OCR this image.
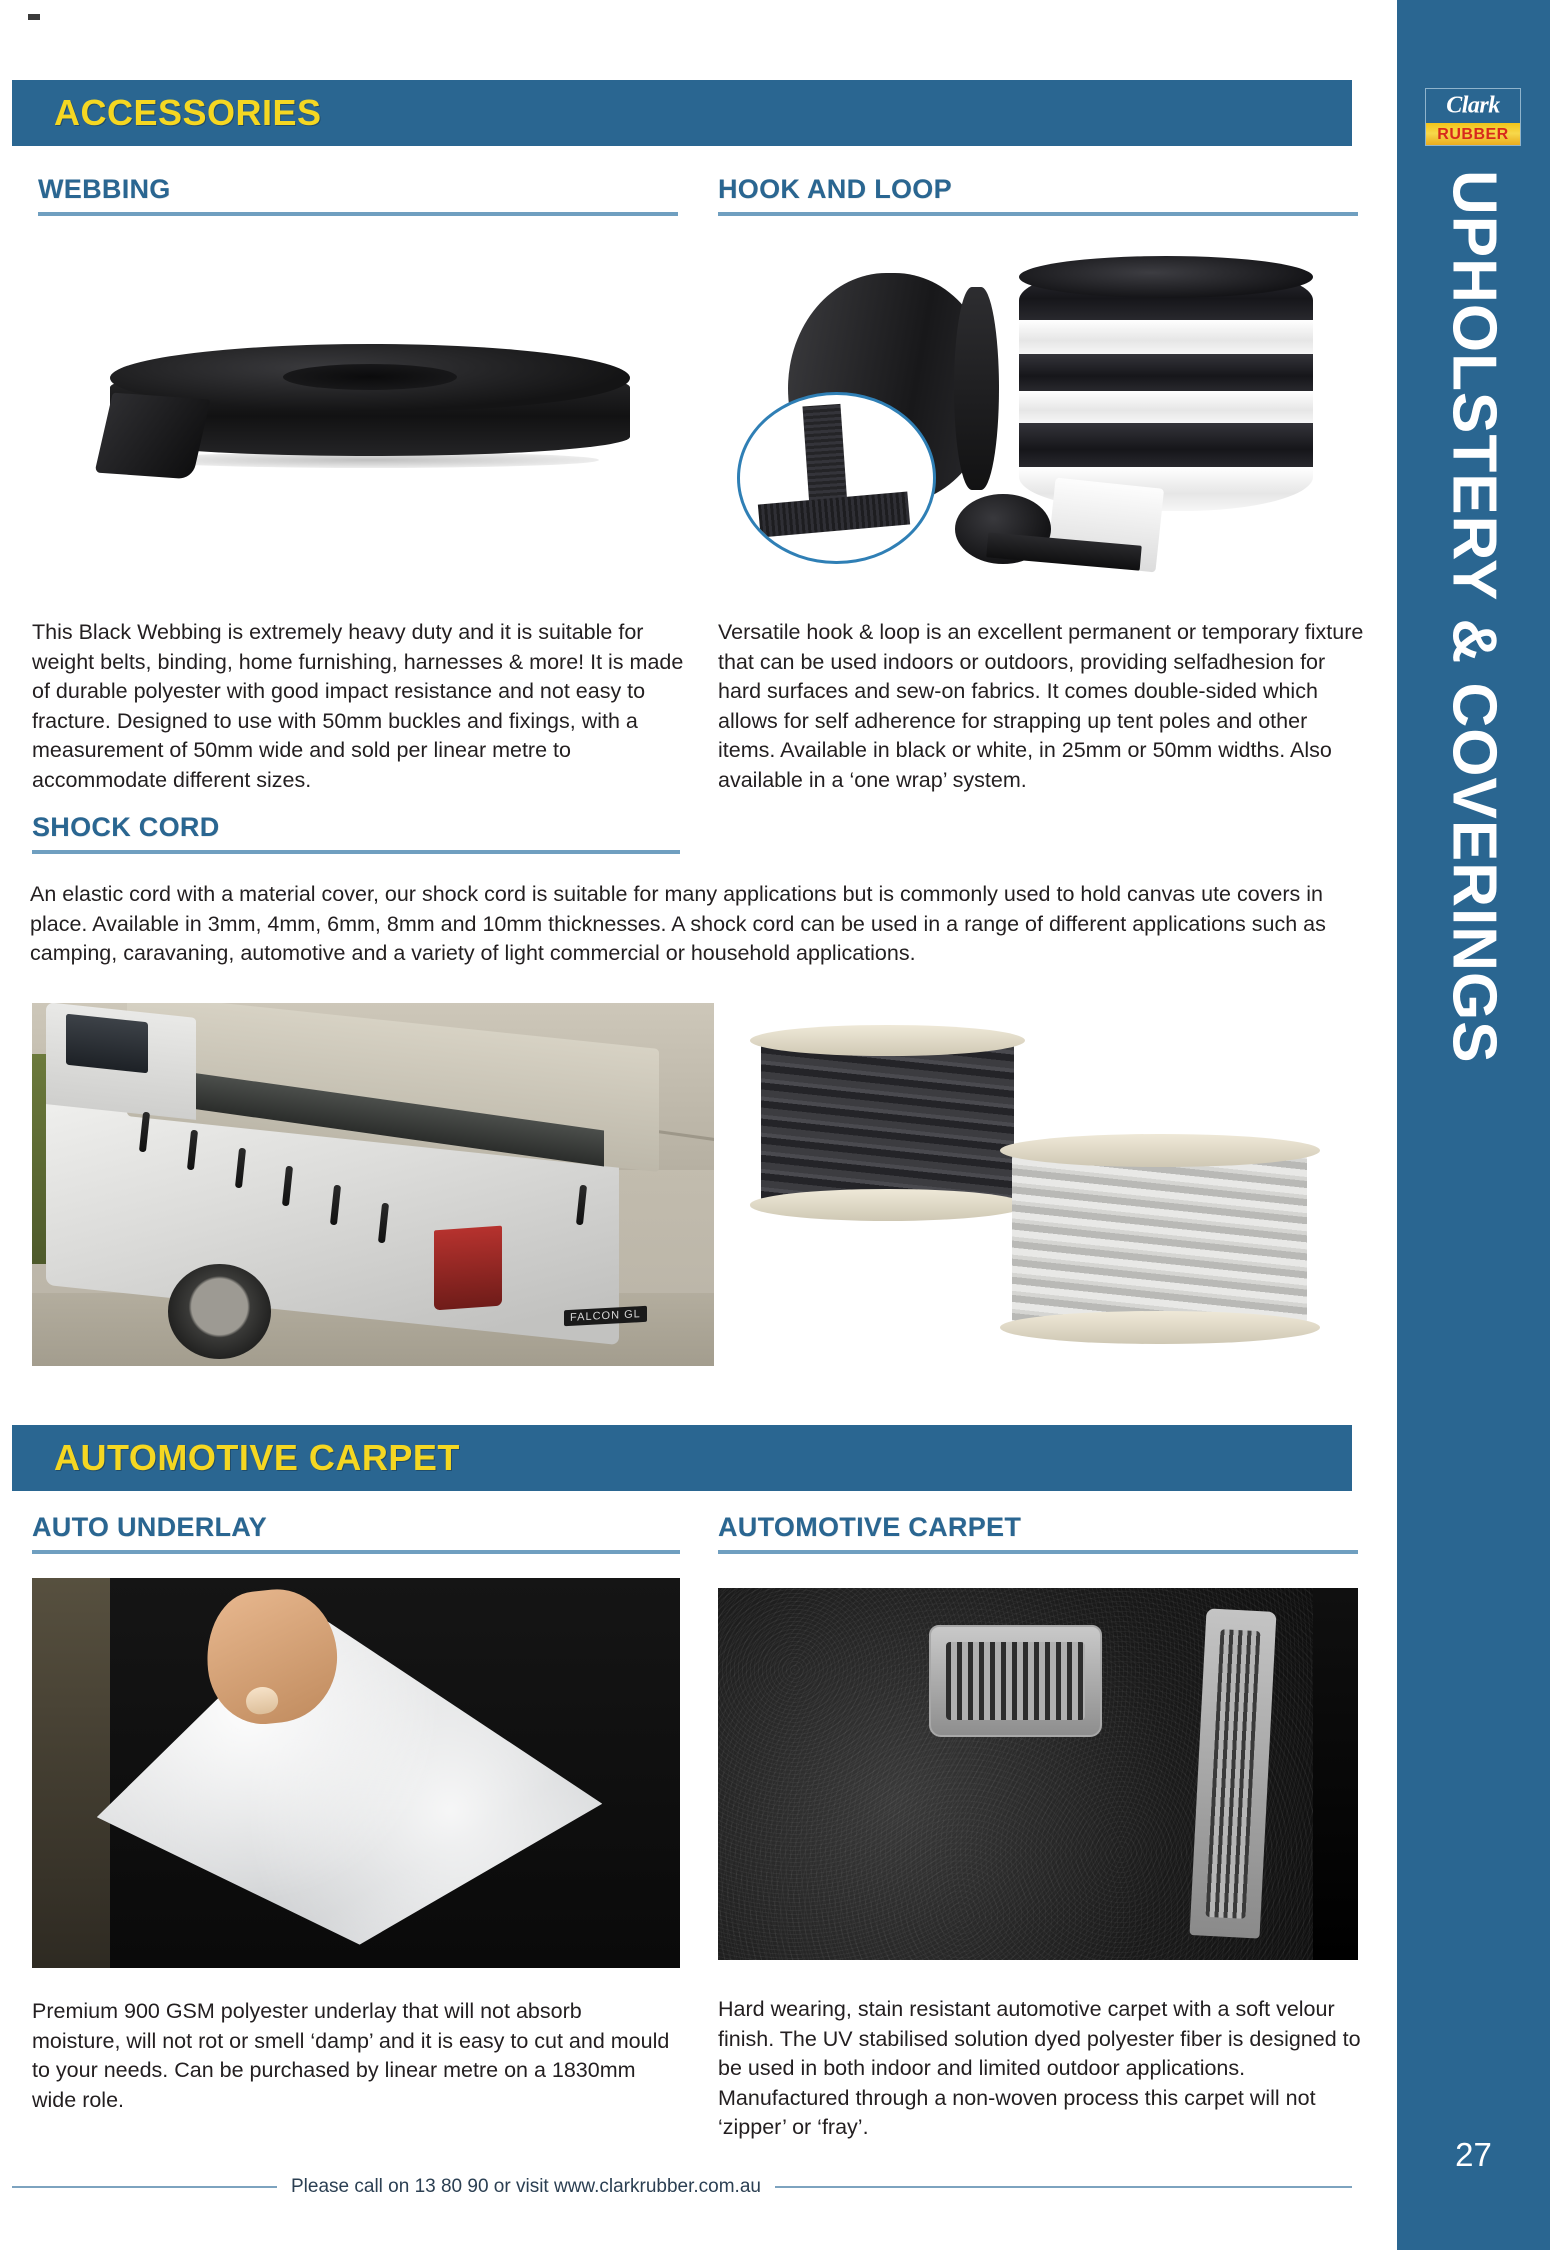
ACCESSORIES
WEBBING
This Black Webbing is extremely heavy duty and it is suitable for weight belts, binding, home furnishing, harnesses & more! It is made of durable polyester with good impact resistance and not easy to fracture. Designed to use with 50mm buckles and fixings, with a measurement of 50mm wide and sold per linear metre to accommodate different sizes.
HOOK AND LOOP
Versatile hook & loop is an excellent permanent or temporary fixture that can be used indoors or outdoors, providing selfadhesion for hard surfaces and sew-on fabrics. It comes double-sided which allows for self adherence for strapping up tent poles and other items. Available in black or white, in 25mm or 50mm widths. Also available in a ‘one wrap’ system.
SHOCK CORD
An elastic cord with a material cover, our shock cord is suitable for many applications but is commonly used to hold canvas ute covers in place. Available in 3mm, 4mm, 6mm, 8mm and 10mm thicknesses. A shock cord can be used in a range of different applications such as camping, caravaning, automotive and a variety of light commercial or household applications.
FALCON GL
AUTOMOTIVE CARPET
AUTO UNDERLAY	AUTOMOTIVE CARPET
Premium 900 GSM polyester underlay that will not absorb moisture, will not rot or smell ‘damp’ and it is easy to cut and mould to your needs. Can be purchased by linear metre on a 1830mm wide role.
Hard wearing, stain resistant automotive carpet with a soft velour finish. The UV stabilised solution dyed polyester fiber is designed to be used in both indoor and limited outdoor applications. Manufactured through a non-woven process this carpet will not ‘zipper’ or ‘fray’.
Please call on 13 80 90 or visit www.clarkrubber.com.au
Clark
RUBBER
UPHOLSTERY & COVERINGS
27
